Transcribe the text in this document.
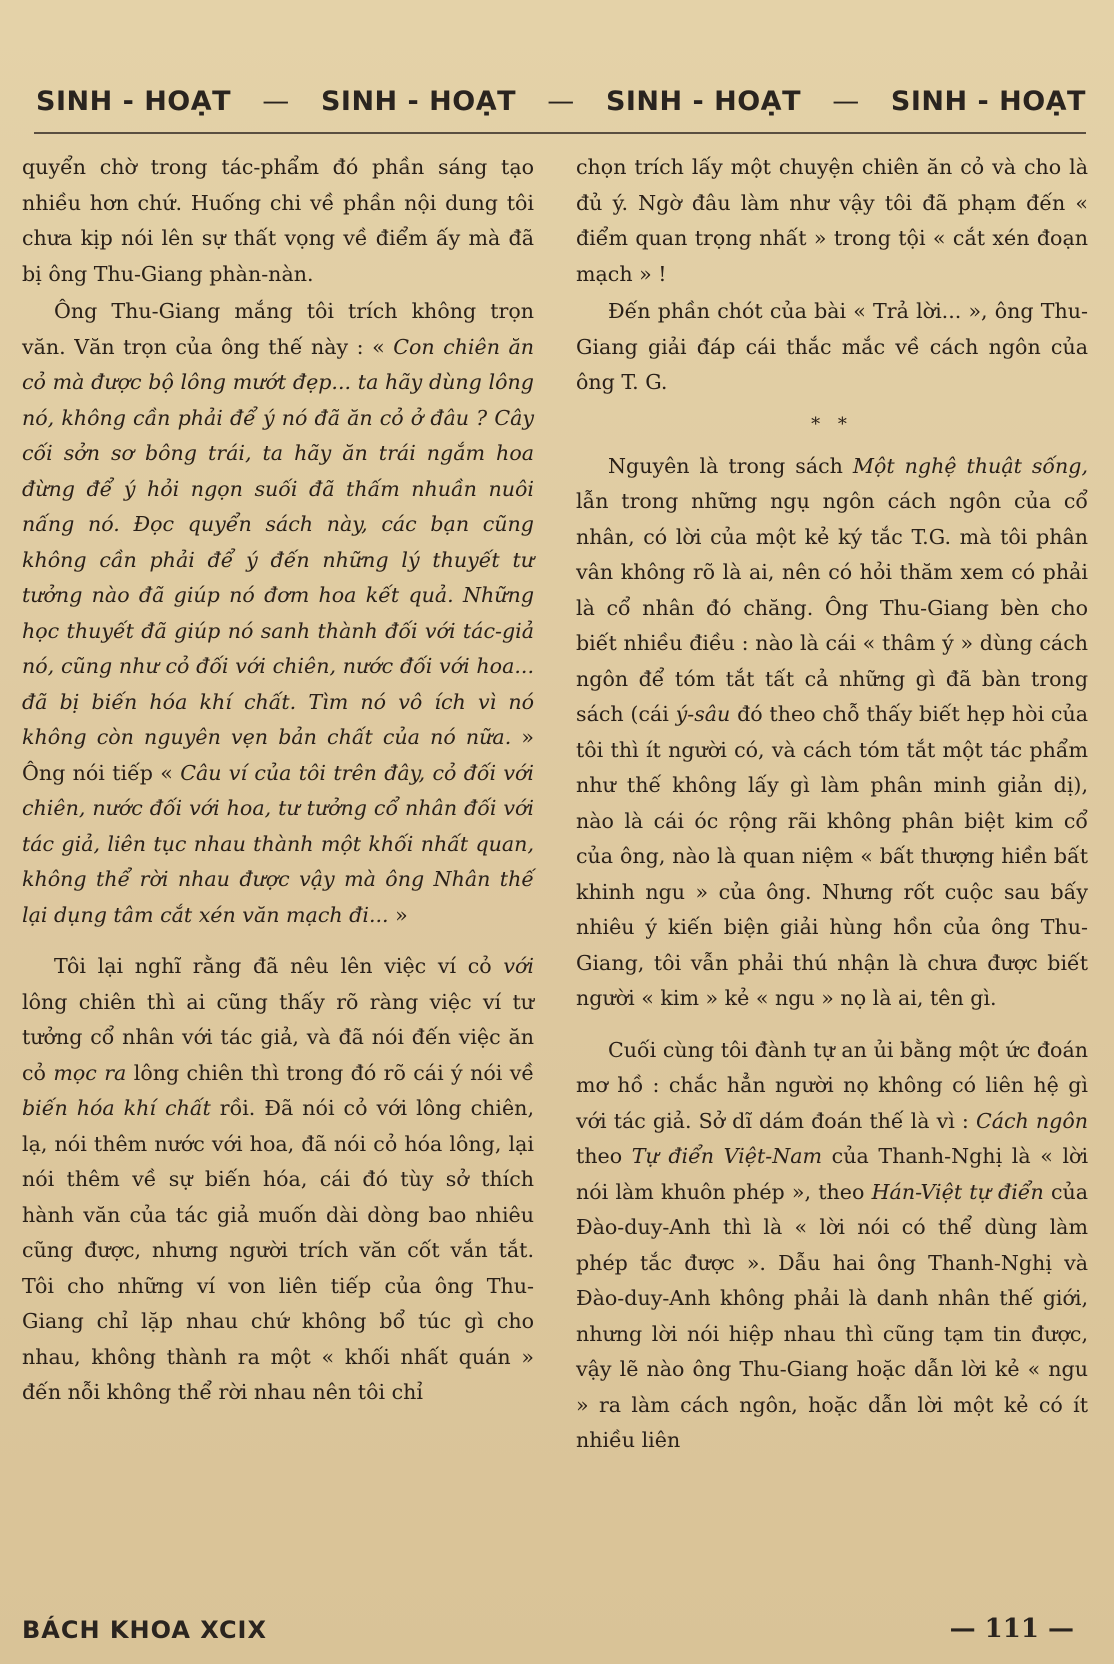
SINH - HOẠT — SINH - HOẠT — SINH - HOẠT — SINH - HOẠT

quyển chờ trong tác-phẩm đó phần sáng tạo nhiều hơn chứ. Huống chi về phần nội dung tôi chưa kịp nói lên sự thất vọng về điểm ấy mà đã bị ông Thu-Giang phàn-nàn.

Ông Thu-Giang mắng tôi trích không trọn văn. Văn trọn của ông thế này : « Con chiên ăn cỏ mà được bộ lông mướt đẹp... ta hãy dùng lông nó, không cần phải để ý nó đã ăn cỏ ở đâu ? Cây cối sởn sơ bông trái, ta hãy ăn trái ngắm hoa đừng để ý hỏi ngọn suối đã thấm nhuần nuôi nấng nó. Đọc quyển sách này, các bạn cũng không cần phải để ý đến những lý thuyết tư tưởng nào đã giúp nó đơm hoa kết quả. Những học thuyết đã giúp nó sanh thành đối với tác-giả nó, cũng như cỏ đối với chiên, nước đối với hoa... đã bị biến hóa khí chất. Tìm nó vô ích vì nó không còn nguyên vẹn bản chất của nó nữa. » Ông nói tiếp « Câu ví của tôi trên đây, cỏ đối với chiên, nước đối với hoa, tư tưởng cổ nhân đối với tác giả, liên tục nhau thành một khối nhất quan, không thể rời nhau được vậy mà ông Nhân thế lại dụng tâm cắt xén văn mạch đi... »

Tôi lại nghĩ rằng đã nêu lên việc ví cỏ với lông chiên thì ai cũng thấy rõ ràng việc ví tư tưởng cổ nhân với tác giả, và đã nói đến việc ăn cỏ mọc ra lông chiên thì trong đó rõ cái ý nói về biến hóa khí chất rồi. Đã nói cỏ với lông chiên, lạ, nói thêm nước với hoa, đã nói cỏ hóa lông, lại nói thêm về sự biến hóa, cái đó tùy sở thích hành văn của tác giả muốn dài dòng bao nhiêu cũng được, nhưng người trích văn cốt vắn tắt. Tôi cho những ví von liên tiếp của ông Thu-Giang chỉ lặp nhau chứ không bổ túc gì cho nhau, không thành ra một « khối nhất quán » đến nỗi không thể rời nhau nên tôi chỉ

chọn trích lấy một chuyện chiên ăn cỏ và cho là đủ ý. Ngờ đâu làm như vậy tôi đã phạm đến « điểm quan trọng nhất » trong tội « cắt xén đoạn mạch » !

Đến phần chót của bài « Trả lời... », ông Thu-Giang giải đáp cái thắc mắc về cách ngôn của ông T. G.

* *

Nguyên là trong sách Một nghệ thuật sống, lẫn trong những ngụ ngôn cách ngôn của cổ nhân, có lời của một kẻ ký tắc T.G. mà tôi phân vân không rõ là ai, nên có hỏi thăm xem có phải là cổ nhân đó chăng. Ông Thu-Giang bèn cho biết nhiều điều : nào là cái « thâm ý » dùng cách ngôn để tóm tắt tất cả những gì đã bàn trong sách (cái ý-sâu đó theo chỗ thấy biết hẹp hòi của tôi thì ít người có, và cách tóm tắt một tác phẩm như thế không lấy gì làm phân minh giản dị), nào là cái óc rộng rãi không phân biệt kim cổ của ông, nào là quan niệm « bất thượng hiền bất khinh ngu » của ông. Nhưng rốt cuộc sau bấy nhiêu ý kiến biện giải hùng hồn của ông Thu-Giang, tôi vẫn phải thú nhận là chưa được biết người « kim » kẻ « ngu » nọ là ai, tên gì.

Cuối cùng tôi đành tự an ủi bằng một ức đoán mơ hồ : chắc hẳn người nọ không có liên hệ gì với tác giả. Sở dĩ dám đoán thế là vì : Cách ngôn theo Tự điển Việt-Nam của Thanh-Nghị là « lời nói làm khuôn phép », theo Hán-Việt tự điển của Đào-duy-Anh thì là « lời nói có thể dùng làm phép tắc được ». Dẫu hai ông Thanh-Nghị và Đào-duy-Anh không phải là danh nhân thế giới, nhưng lời nói hiệp nhau thì cũng tạm tin được, vậy lẽ nào ông Thu-Giang hoặc dẫn lời kẻ « ngu » ra làm cách ngôn, hoặc dẫn lời một kẻ có ít nhiều liên

BÁCH KHOA XCIX	— 111 —
